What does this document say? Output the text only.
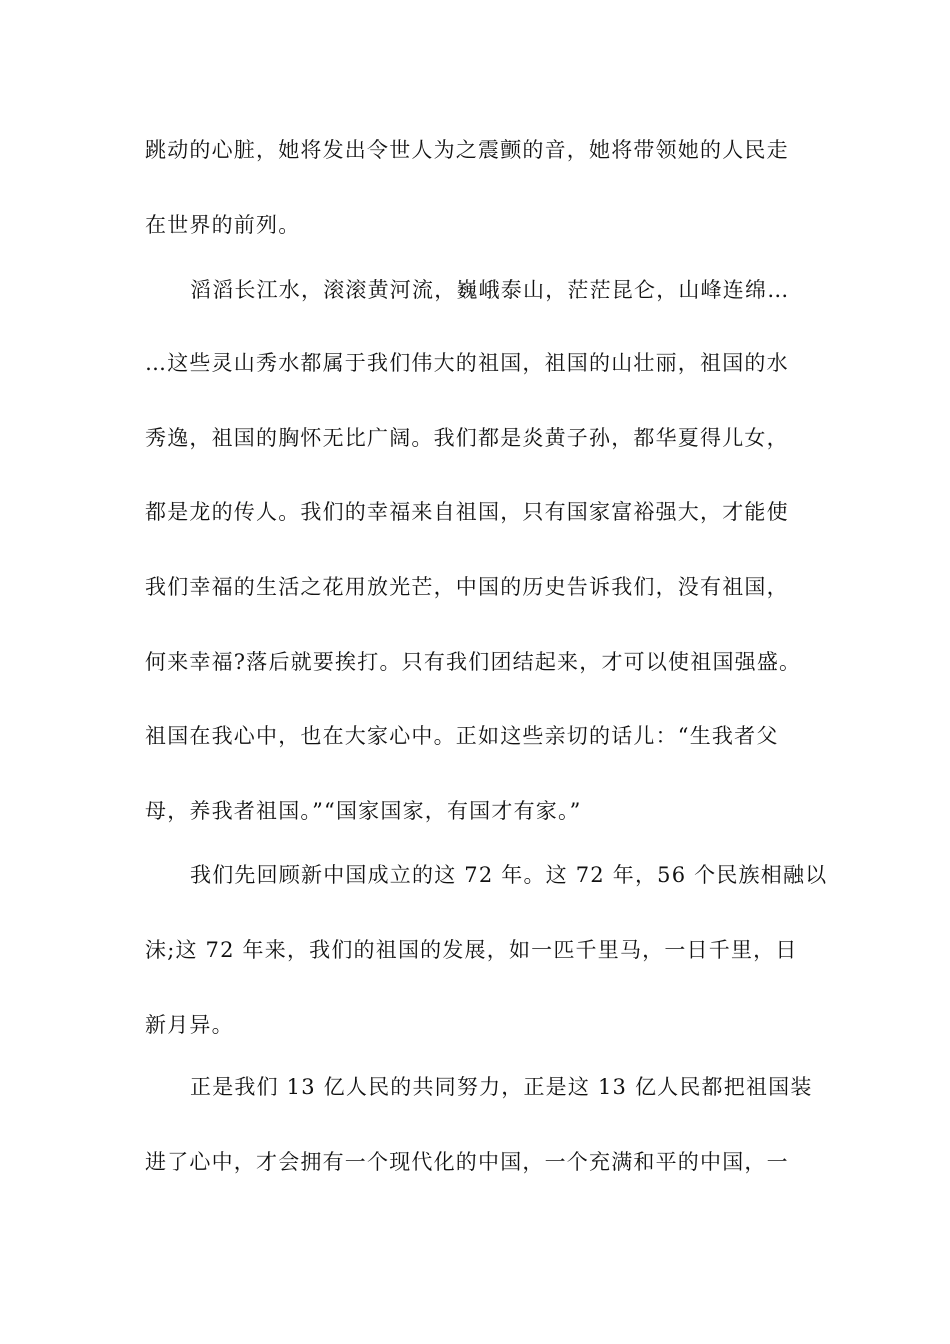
跳动的心脏，她将发出令世人为之震颤的音，她将带领她的人民走
在世界的前列。
滔滔长江水，滚滚黄河流，巍峨泰山，茫茫昆仑，山峰连绵…
…这些灵山秀水都属于我们伟大的祖国，祖国的山壮丽，祖国的水
秀逸，祖国的胸怀无比广阔。我们都是炎黄子孙，都华夏得儿女，
都是龙的传人。我们的幸福来自祖国，只有国家富裕强大，才能使
我们幸福的生活之花用放光芒，中国的历史告诉我们，没有祖国，
何来幸福?落后就要挨打。只有我们团结起来，才可以使祖国强盛。
祖国在我心中，也在大家心中。正如这些亲切的话儿：“生我者父
母，养我者祖国。”“国家国家，有国才有家。”
我们先回顾新中国成立的这 72 年。这 72 年，56 个民族相融以
沫;这 72 年来，我们的祖国的发展，如一匹千里马，一日千里，日
新月异。
正是我们 13 亿人民的共同努力，正是这 13 亿人民都把祖国装
进了心中，才会拥有一个现代化的中国，一个充满和平的中国，一
